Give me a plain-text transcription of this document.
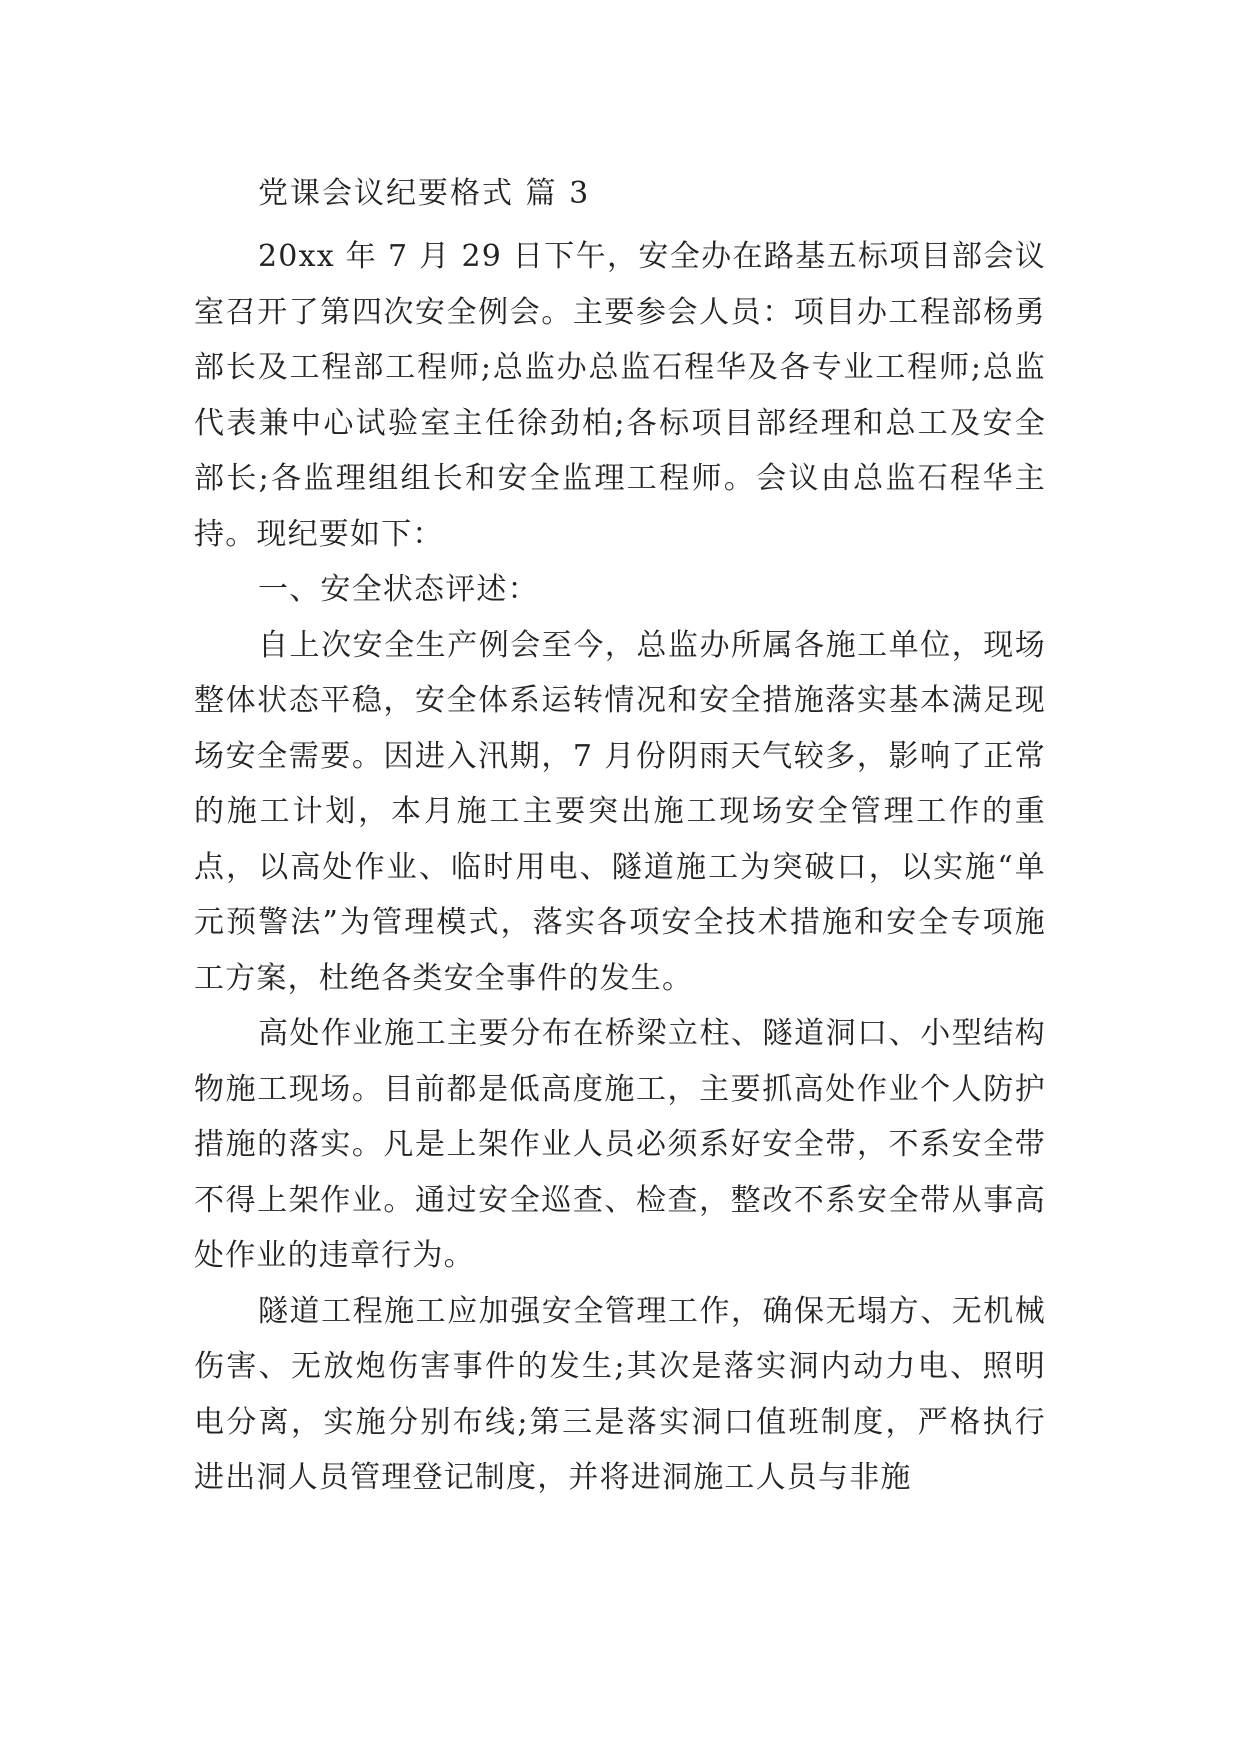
党课会议纪要格式 篇 3

20xx 年 7 月 29 日下午，安全办在路基五标项目部会议室召开了第四次安全例会。主要参会人员：项目办工程部杨勇部长及工程部工程师;总监办总监石程华及各专业工程师;总监代表兼中心试验室主任徐劲柏;各标项目部经理和总工及安全部长;各监理组组长和安全监理工程师。会议由总监石程华主持。现纪要如下：

一、安全状态评述：

自上次安全生产例会至今，总监办所属各施工单位，现场整体状态平稳，安全体系运转情况和安全措施落实基本满足现场安全需要。因进入汛期，7 月份阴雨天气较多，影响了正常的施工计划，本月施工主要突出施工现场安全管理工作的重点，以高处作业、临时用电、隧道施工为突破口，以实施“单元预警法”为管理模式，落实各项安全技术措施和安全专项施工方案，杜绝各类安全事件的发生。

高处作业施工主要分布在桥梁立柱、隧道洞口、小型结构物施工现场。目前都是低高度施工，主要抓高处作业个人防护措施的落实。凡是上架作业人员必须系好安全带，不系安全带不得上架作业。通过安全巡查、检查，整改不系安全带从事高处作业的违章行为。

隧道工程施工应加强安全管理工作，确保无塌方、无机械伤害、无放炮伤害事件的发生;其次是落实洞内动力电、照明电分离，实施分别布线;第三是落实洞口值班制度，严格执行进出洞人员管理登记制度，并将进洞施工人员与非施
